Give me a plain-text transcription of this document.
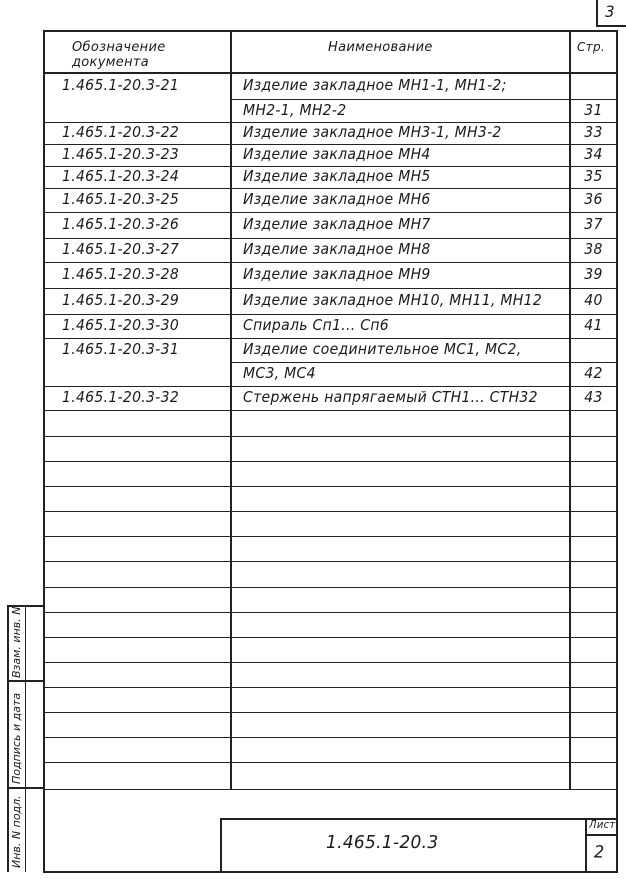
3
Обозначение
документа
Наименование	Стр.
1.465.1-20.3-21	Изделие закладное МН1-1, МН1-2;
МН2-1, МН2-2	31
1.465.1-20.3-22	Изделие закладное МН3-1, МН3-2	33
1.465.1-20.3-23	Изделие закладное МН4	34
1.465.1-20.3-24	Изделие закладное МН5	35
1.465.1-20.3-25	Изделие закладное МН6	36
1.465.1-20.3-26	Изделие закладное МН7	37
1.465.1-20.3-27	Изделие закладное МН8	38
1.465.1-20.3-28	Изделие закладное МН9	39
1.465.1-20.3-29	Изделие закладное МН10, МН11, МН12	40
1.465.1-20.3-30	Спираль Сп1... Сп6	41
1.465.1-20.3-31	Изделие соединительное МС1, МС2,
МС3, МС4	42
1.465.1-20.3-32	Стержень напрягаемый СТН1... СТН32	43
Взам. инв. N
Подпись и дата
Инв. N подл.	1.465.1-20.3
Лист
2
